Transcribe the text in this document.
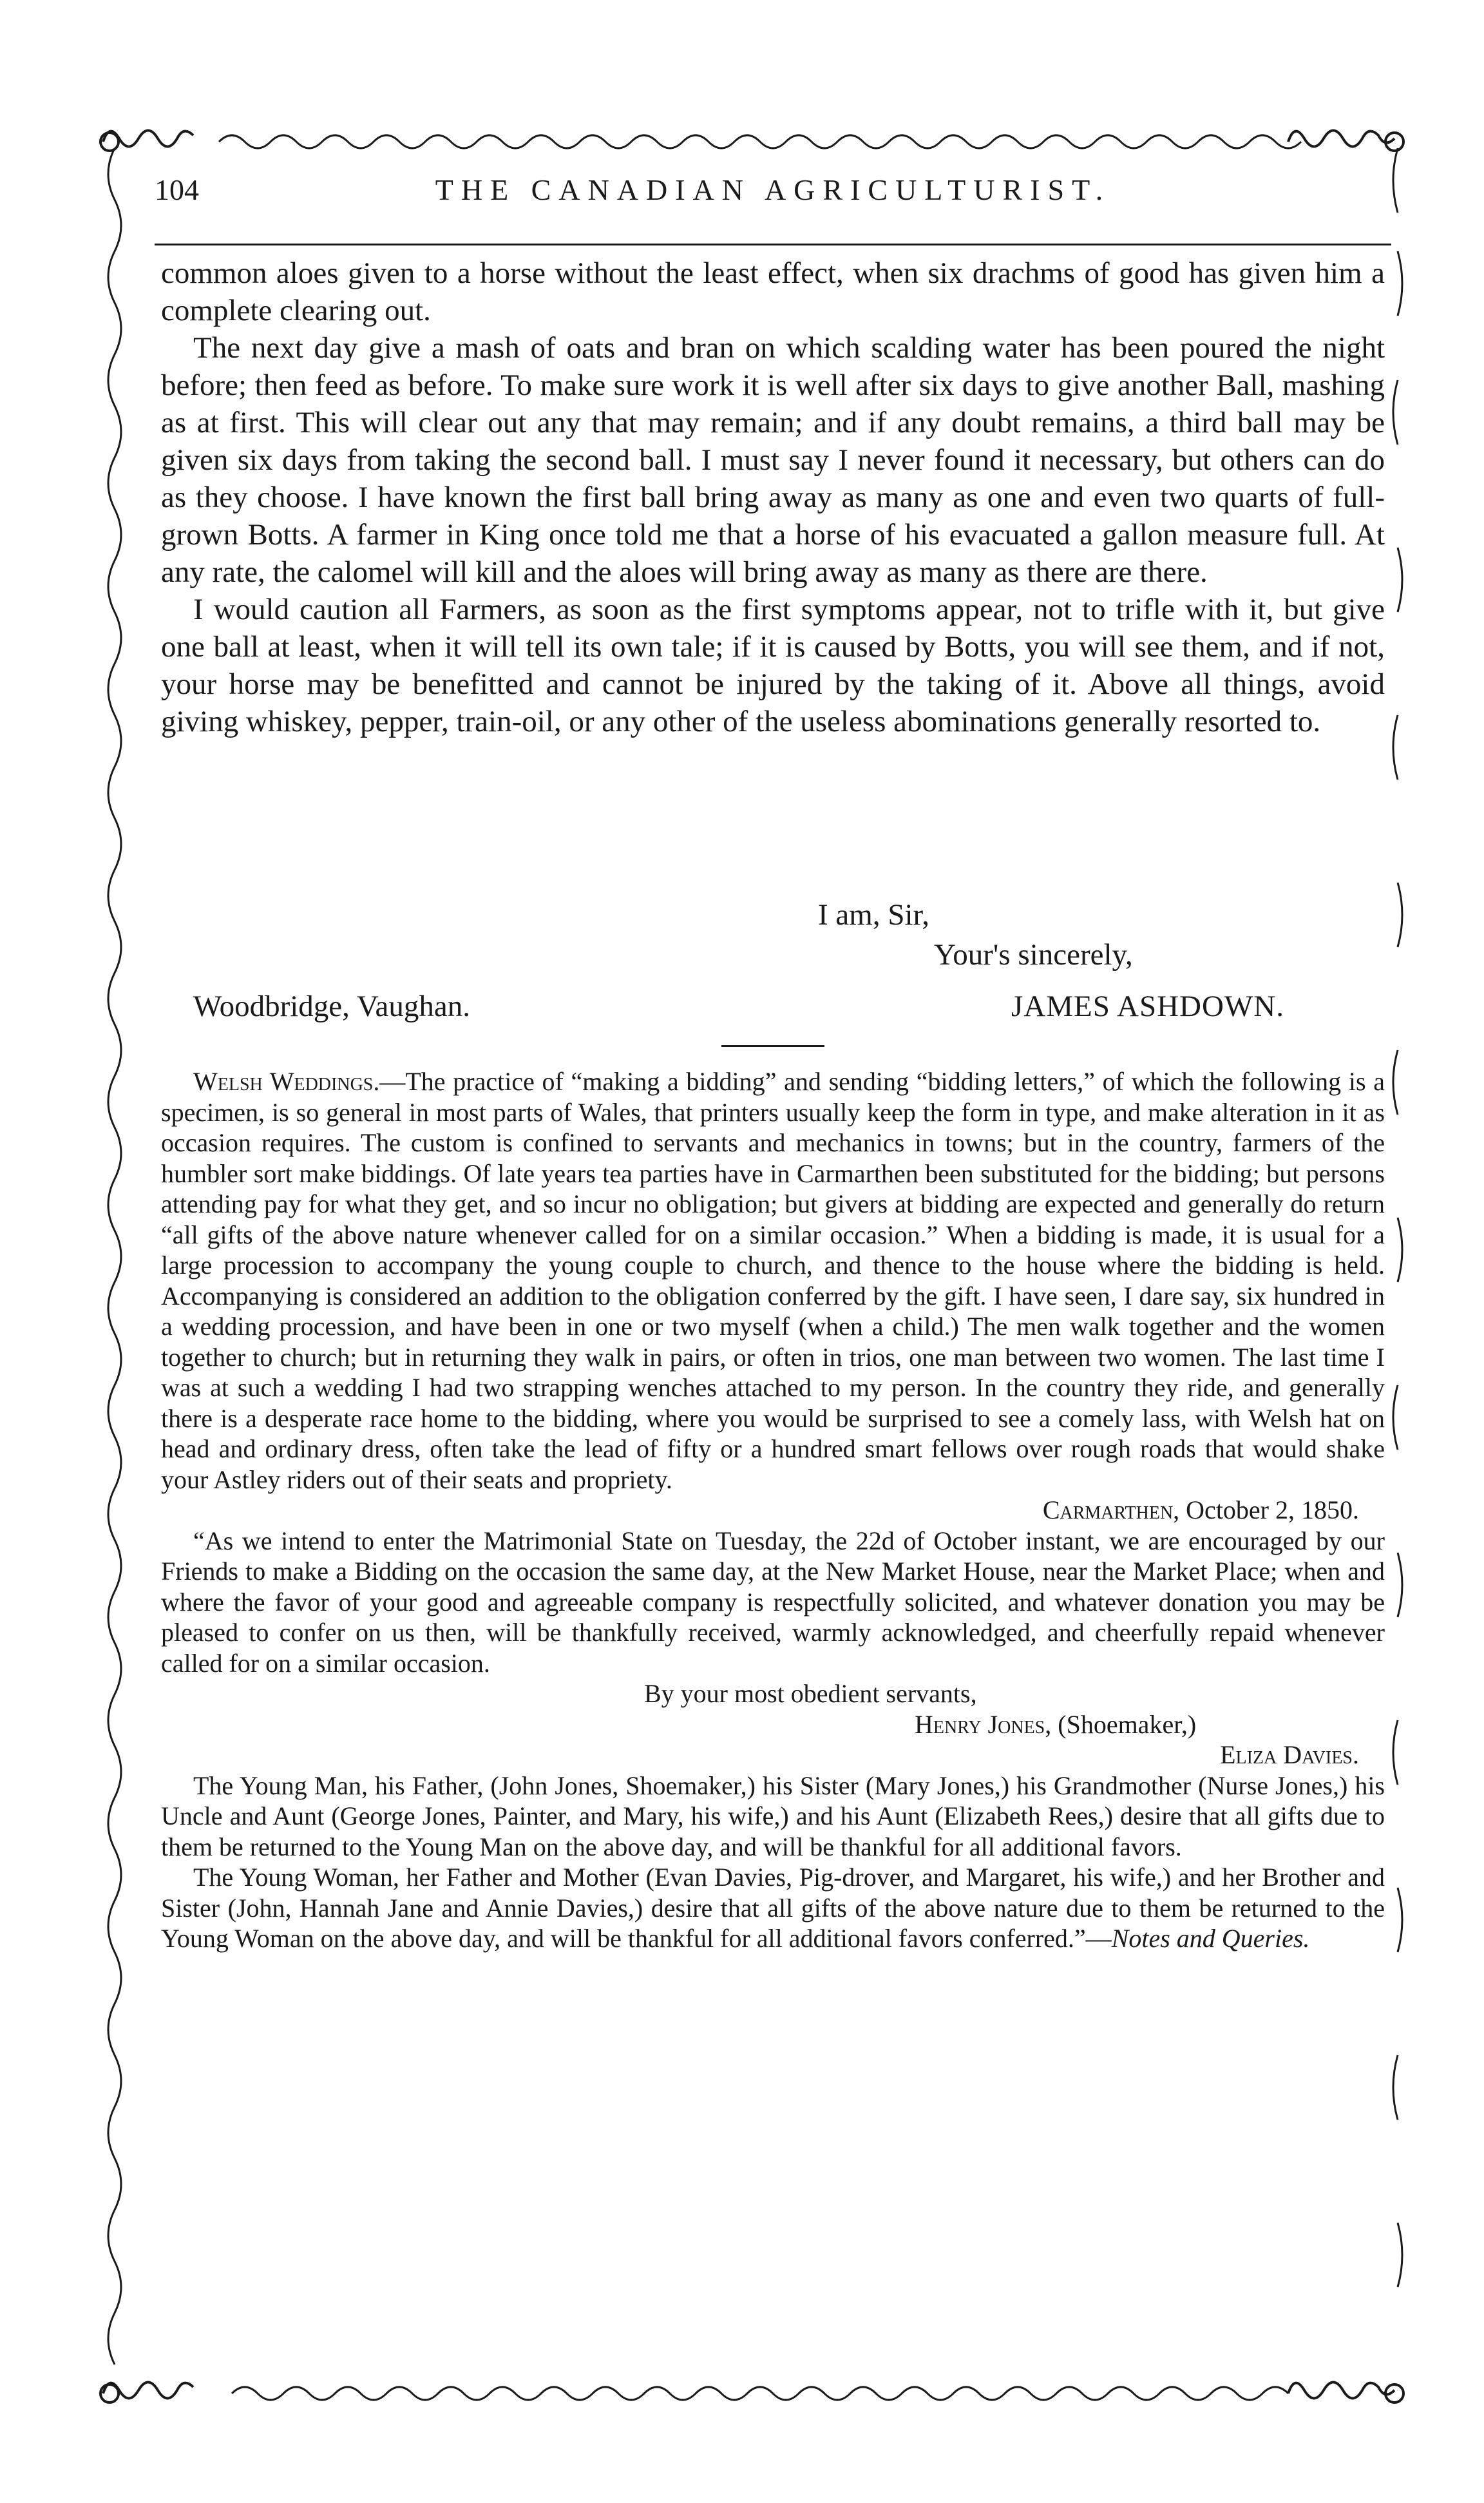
THE CANADIAN AGRICULTURIST.
104

common aloes given to a horse without the least effect, when six drachms of good has given him a complete clearing out.

The next day give a mash of oats and bran on which scalding water has been poured the night before; then feed as before. To make sure work it is well after six days to give another Ball, mashing as at first. This will clear out any that may remain; and if any doubt remains, a third ball may be given six days from taking the second ball. I must say I never found it necessary, but others can do as they choose. I have known the first ball bring away as many as one and even two quarts of full-grown Botts. A farmer in King once told me that a horse of his evacuated a gallon measure full. At any rate, the calomel will kill and the aloes will bring away as many as there are there.

I would caution all Farmers, as soon as the first symptoms appear, not to trifle with it, but give one ball at least, when it will tell its own tale; if it is caused by Botts, you will see them, and if not, your horse may be benefitted and cannot be injured by the taking of it. Above all things, avoid giving whiskey, pepper, train-oil, or any other of the useless abominations generally resorted to.

I am, Sir,
Your's sincerely,
Woodbridge, Vaughan.	JAMES ASHDOWN.

Welsh Weddings.—The practice of “making a bidding” and sending “bidding letters,” of which the following is a specimen, is so general in most parts of Wales, that printers usually keep the form in type, and make alteration in it as occasion requires. The custom is confined to servants and mechanics in towns; but in the country, farmers of the humbler sort make biddings. Of late years tea parties have in Carmarthen been substituted for the bidding; but persons attending pay for what they get, and so incur no obligation; but givers at bidding are expected and generally do return “all gifts of the above nature whenever called for on a similar occasion.” When a bidding is made, it is usual for a large procession to accompany the young couple to church, and thence to the house where the bidding is held. Accompanying is considered an addition to the obligation conferred by the gift. I have seen, I dare say, six hundred in a wedding procession, and have been in one or two myself (when a child.) The men walk together and the women together to church; but in returning they walk in pairs, or often in trios, one man between two women. The last time I was at such a wedding I had two strapping wenches attached to my person. In the country they ride, and generally there is a desperate race home to the bidding, where you would be surprised to see a comely lass, with Welsh hat on head and ordinary dress, often take the lead of fifty or a hundred smart fellows over rough roads that would shake your Astley riders out of their seats and propriety.

Carmarthen, October 2, 1850.

“As we intend to enter the Matrimonial State on Tuesday, the 22d of October instant, we are encouraged by our Friends to make a Bidding on the occasion the same day, at the New Market House, near the Market Place; when and where the favor of your good and agreeable company is respectfully solicited, and whatever donation you may be pleased to confer on us then, will be thankfully received, warmly acknowledged, and cheerfully repaid whenever called for on a similar occasion.

By your most obedient servants,

Henry Jones, (Shoemaker,)

Eliza Davies.

The Young Man, his Father, (John Jones, Shoemaker,) his Sister (Mary Jones,) his Grandmother (Nurse Jones,) his Uncle and Aunt (George Jones, Painter, and Mary, his wife,) and his Aunt (Elizabeth Rees,) desire that all gifts due to them be returned to the Young Man on the above day, and will be thankful for all additional favors.

The Young Woman, her Father and Mother (Evan Davies, Pig-drover, and Margaret, his wife,) and her Brother and Sister (John, Hannah Jane and Annie Davies,) desire that all gifts of the above nature due to them be returned to the Young Woman on the above day, and will be thankful for all additional favors conferred.”—Notes and Queries.
